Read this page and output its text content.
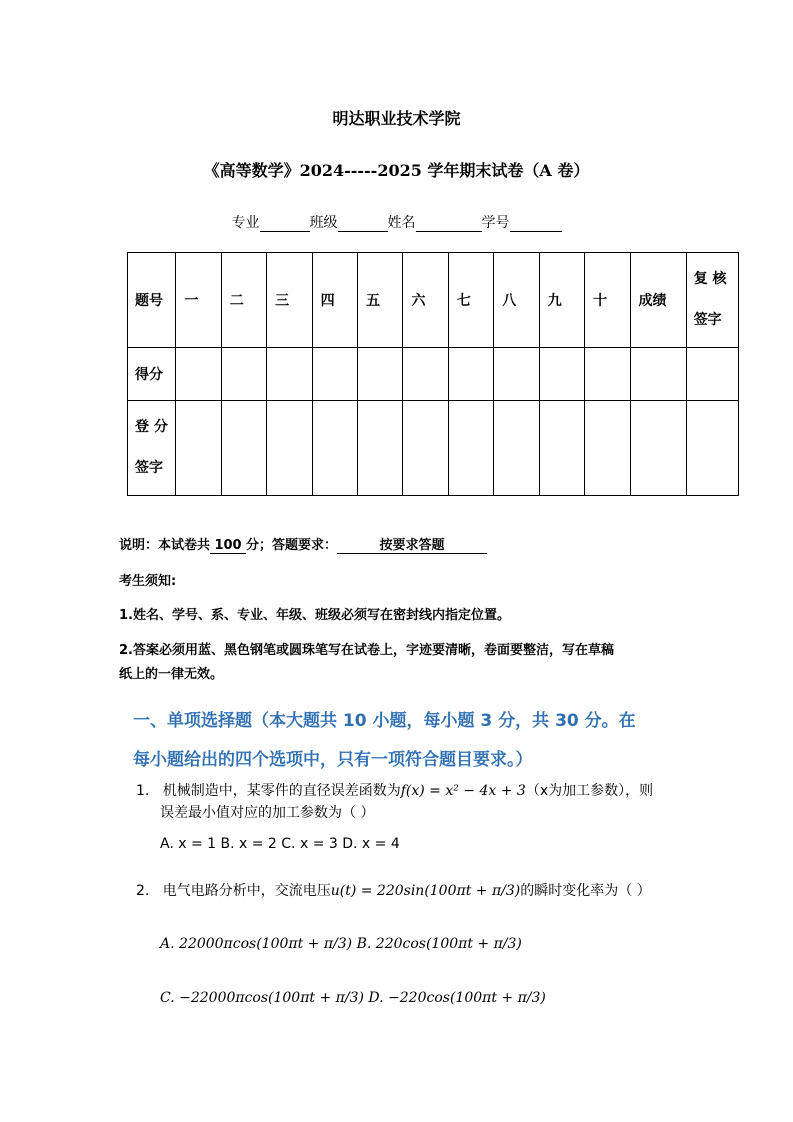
明达职业技术学院
《高等数学》2024-----2025 学年期末试卷（A 卷）
专业	班级	姓名	学号
题号	一	二	三	四	五	六	七	八	九	十	成绩	复 核
签字

得分												

登 分
签字												

说明：本试卷共 100 分；答题要求：	按要求答题
考生须知:
1.姓名、学号、系、专业、年级、班级必须写在密封线内指定位置。
2.答案必须用蓝、黑色钢笔或圆珠笔写在试卷上，字迹要清晰，卷面要整洁，写在草稿
纸上的一律无效。
一、单项选择题（本大题共 10 小题，每小题 3 分，共 30 分。在
每小题给出的四个选项中，只有一项符合题目要求。）
1. 机械制造中，某零件的直径误差函数为f(x) = x² − 4x + 3（x为加工参数），则
误差最小值对应的加工参数为（ ）
A. x = 1 B. x = 2 C. x = 3 D. x = 4
2. 电气电路分析中，交流电压u(t) = 220sin(100πt + π/3)的瞬时变化率为（ ）
A. 22000πcos(100πt + π/3) B. 220cos(100πt + π/3)
C. −22000πcos(100πt + π/3) D. −220cos(100πt + π/3)
